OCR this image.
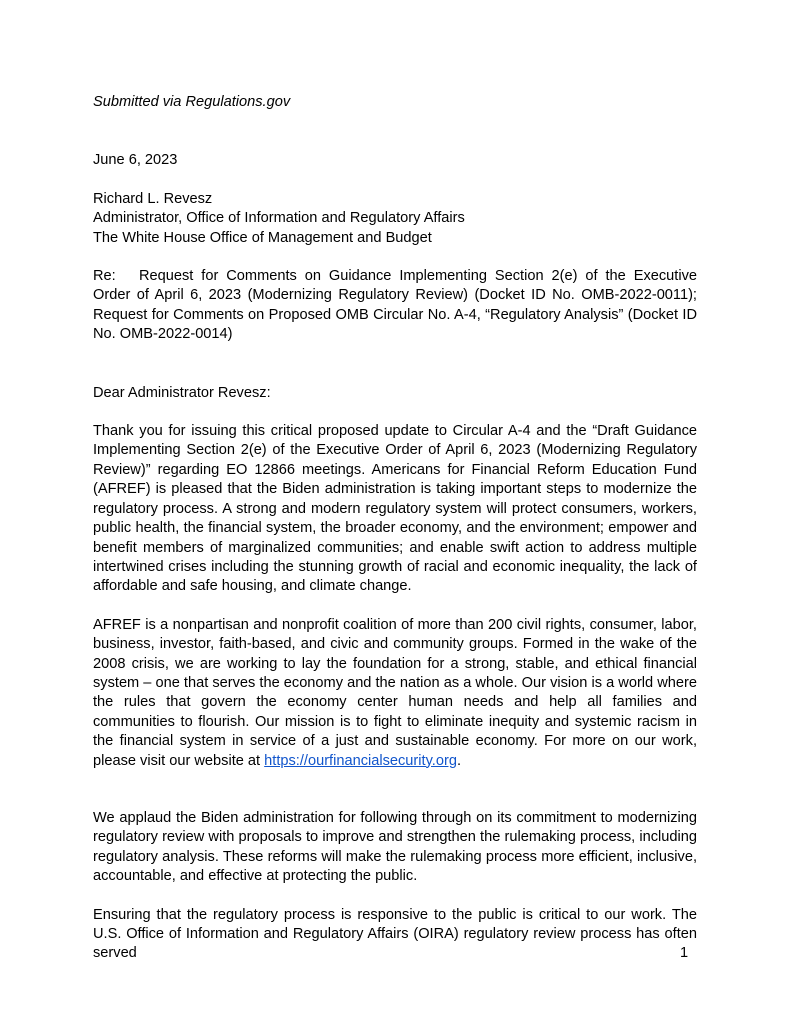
Submitted via Regulations.gov
June 6, 2023
Richard L. Revesz
Administrator, Office of Information and Regulatory Affairs
The White House Office of Management and Budget
Re: Request for Comments on Guidance Implementing Section 2(e) of the Executive Order of April 6, 2023 (Modernizing Regulatory Review) (Docket ID No. OMB-2022-0011); Request for Comments on Proposed OMB Circular No. A-4, “Regulatory Analysis” (Docket ID No. OMB-2022-0014)
Dear Administrator Revesz:
Thank you for issuing this critical proposed update to Circular A-4 and the “Draft Guidance Implementing Section 2(e) of the Executive Order of April 6, 2023 (Modernizing Regulatory Review)” regarding EO 12866 meetings. Americans for Financial Reform Education Fund (AFREF) is pleased that the Biden administration is taking important steps to modernize the regulatory process. A strong and modern regulatory system will protect consumers, workers, public health, the financial system, the broader economy, and the environment; empower and benefit members of marginalized communities; and enable swift action to address multiple intertwined crises including the stunning growth of racial and economic inequality, the lack of affordable and safe housing, and climate change.
AFREF is a nonpartisan and nonprofit coalition of more than 200 civil rights, consumer, labor, business, investor, faith-based, and civic and community groups. Formed in the wake of the 2008 crisis, we are working to lay the foundation for a strong, stable, and ethical financial system – one that serves the economy and the nation as a whole. Our vision is a world where the rules that govern the economy center human needs and help all families and communities to flourish. Our mission is to fight to eliminate inequity and systemic racism in the financial system in service of a just and sustainable economy. For more on our work, please visit our website at https://ourfinancialsecurity.org.
We applaud the Biden administration for following through on its commitment to modernizing regulatory review with proposals to improve and strengthen the rulemaking process, including regulatory analysis. These reforms will make the rulemaking process more efficient, inclusive, accountable, and effective at protecting the public.
Ensuring that the regulatory process is responsive to the public is critical to our work. The U.S. Office of Information and Regulatory Affairs (OIRA) regulatory review process has often served	1
